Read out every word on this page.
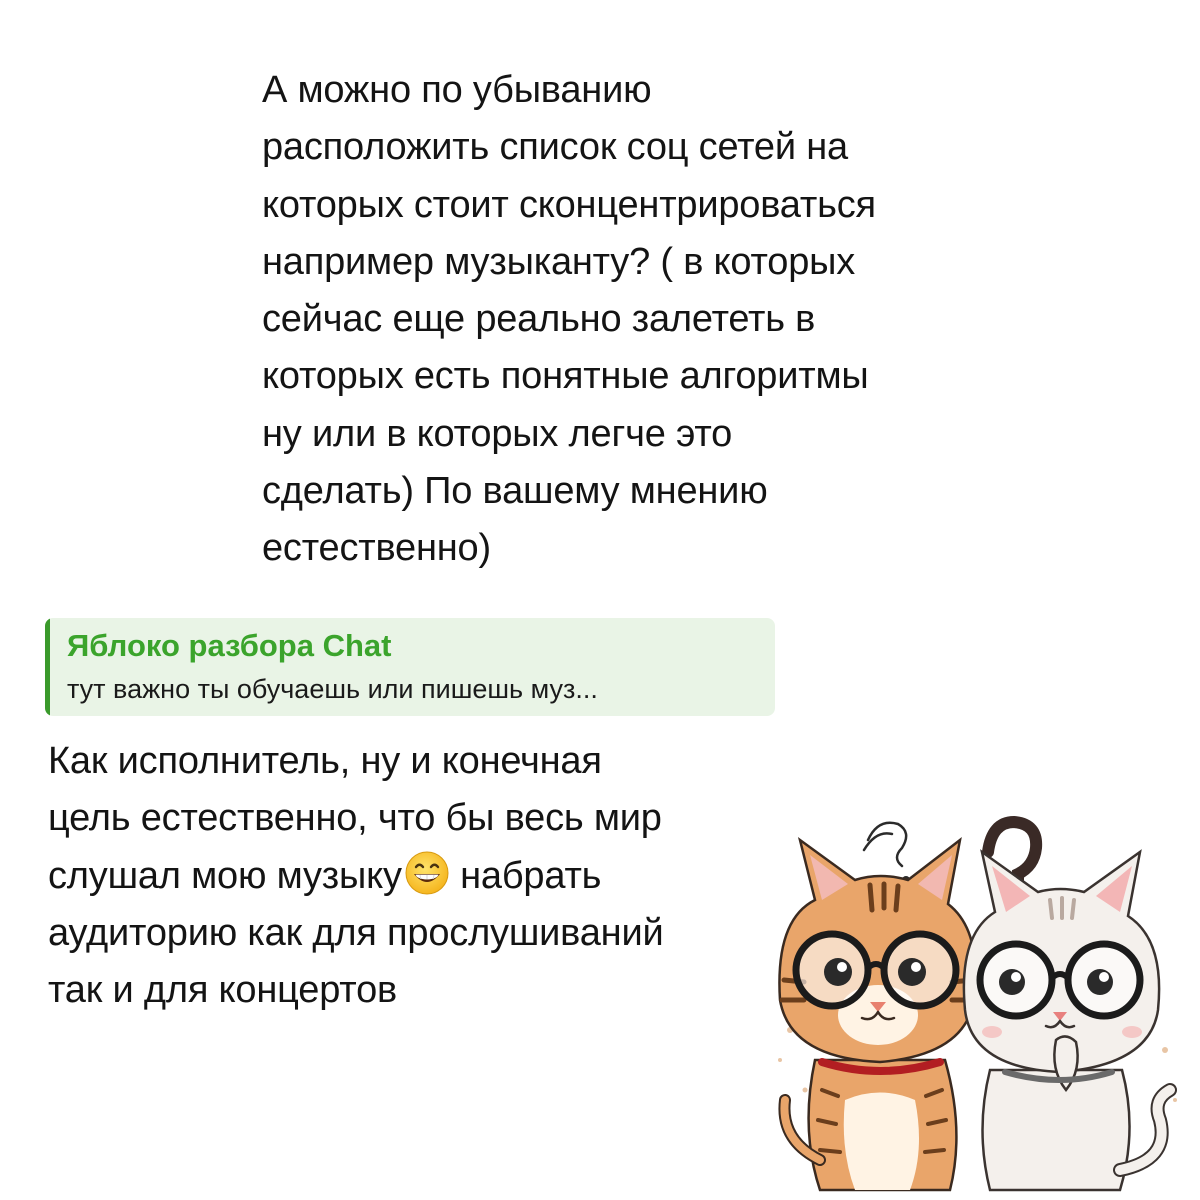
А можно по убыванию
расположить список соц сетей на
которых стоит сконцентрироваться
например музыканту? ( в которых
сейчас еще реально залететь в
которых есть понятные алгоритмы
ну или в которых легче это
сделать) По вашему мнению
естественно)
Яблоко разбора Chat
тут важно ты обучаешь или пишешь муз...
Как исполнитель, ну и конечная
цель естественно, что бы весь мир
слушал мою музыку набрать
аудиторию как для прослушиваний
так и для концертов
